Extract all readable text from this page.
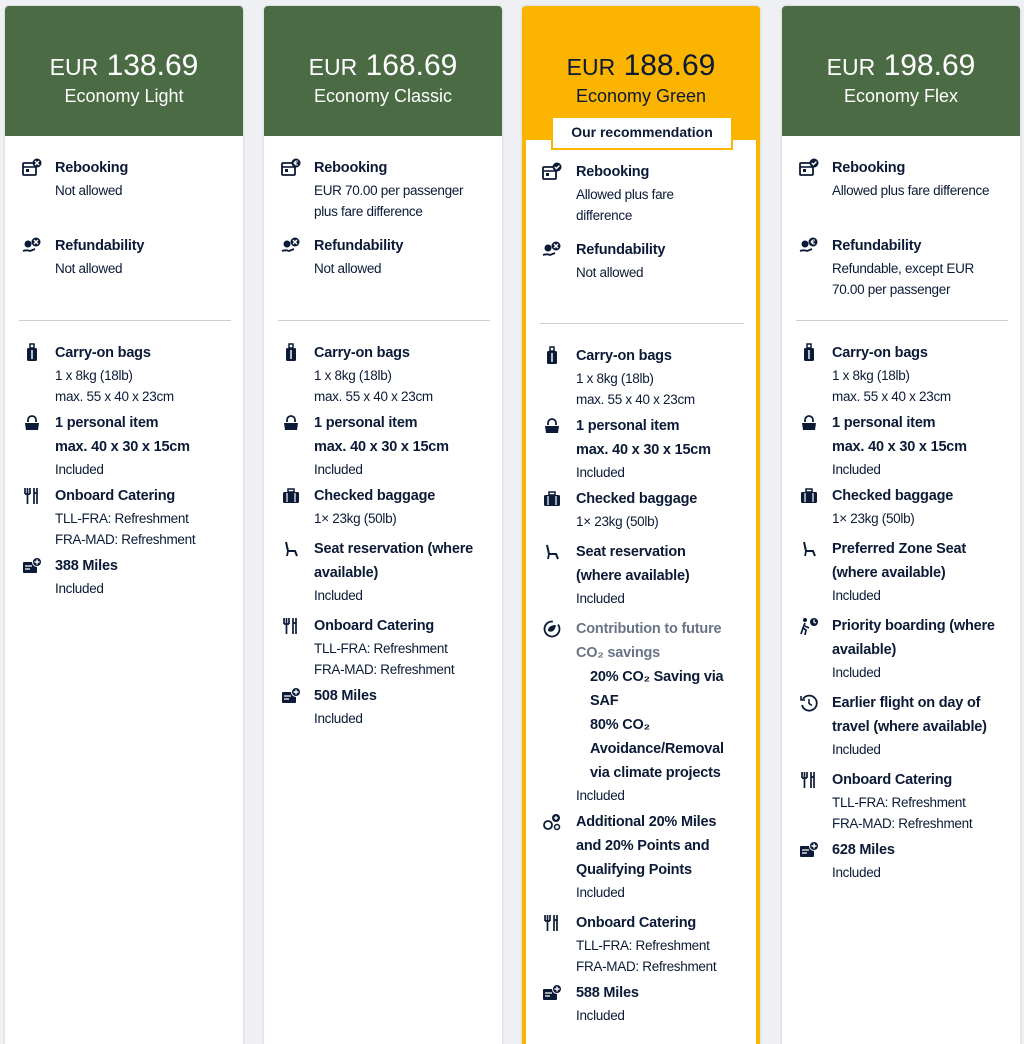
EUR 138.69
Economy Light
Rebooking
Not allowed
Refundability
Not allowed
Carry-on bags
1 x 8kg (18lb)
max. 55 x 40 x 23cm
1 personal item
max. 40 x 30 x 15cm
Included
Onboard Catering
TLL-FRA: Refreshment
FRA-MAD: Refreshment
388 Miles
Included
EUR 168.69
Economy Classic
€ Rebooking
EUR 70.00 per passenger
plus fare difference
Refundability
Not allowed
Carry-on bags
1 x 8kg (18lb)
max. 55 x 40 x 23cm
1 personal item
max. 40 x 30 x 15cm
Included
Checked baggage
1× 23kg (50lb)
Seat reservation (where
available)
Included
Onboard Catering
TLL-FRA: Refreshment
FRA-MAD: Refreshment
508 Miles
Included
EUR 188.69
Economy Green
Our recommendation
Rebooking
Allowed plus fare
difference
Refundability
Not allowed
Carry-on bags
1 x 8kg (18lb)
max. 55 x 40 x 23cm
1 personal item
max. 40 x 30 x 15cm
Included
Checked baggage
1× 23kg (50lb)
Seat reservation
(where available)
Included
Contribution to future
CO₂ savings
20% CO₂ Saving via
SAF
80% CO₂
Avoidance/Removal
via climate projects
Included
Additional 20% Miles
and 20% Points and
Qualifying Points
Included
Onboard Catering
TLL-FRA: Refreshment
FRA-MAD: Refreshment
588 Miles
Included
EUR 198.69
Economy Flex
Rebooking
Allowed plus fare difference
€ Refundability
Refundable, except EUR
70.00 per passenger
Carry-on bags
1 x 8kg (18lb)
max. 55 x 40 x 23cm
1 personal item
max. 40 x 30 x 15cm
Included
Checked baggage
1× 23kg (50lb)
Preferred Zone Seat
(where available)
Included
Priority boarding (where
available)
Included
Earlier flight on day of
travel (where available)
Included
Onboard Catering
TLL-FRA: Refreshment
FRA-MAD: Refreshment
628 Miles
Included
